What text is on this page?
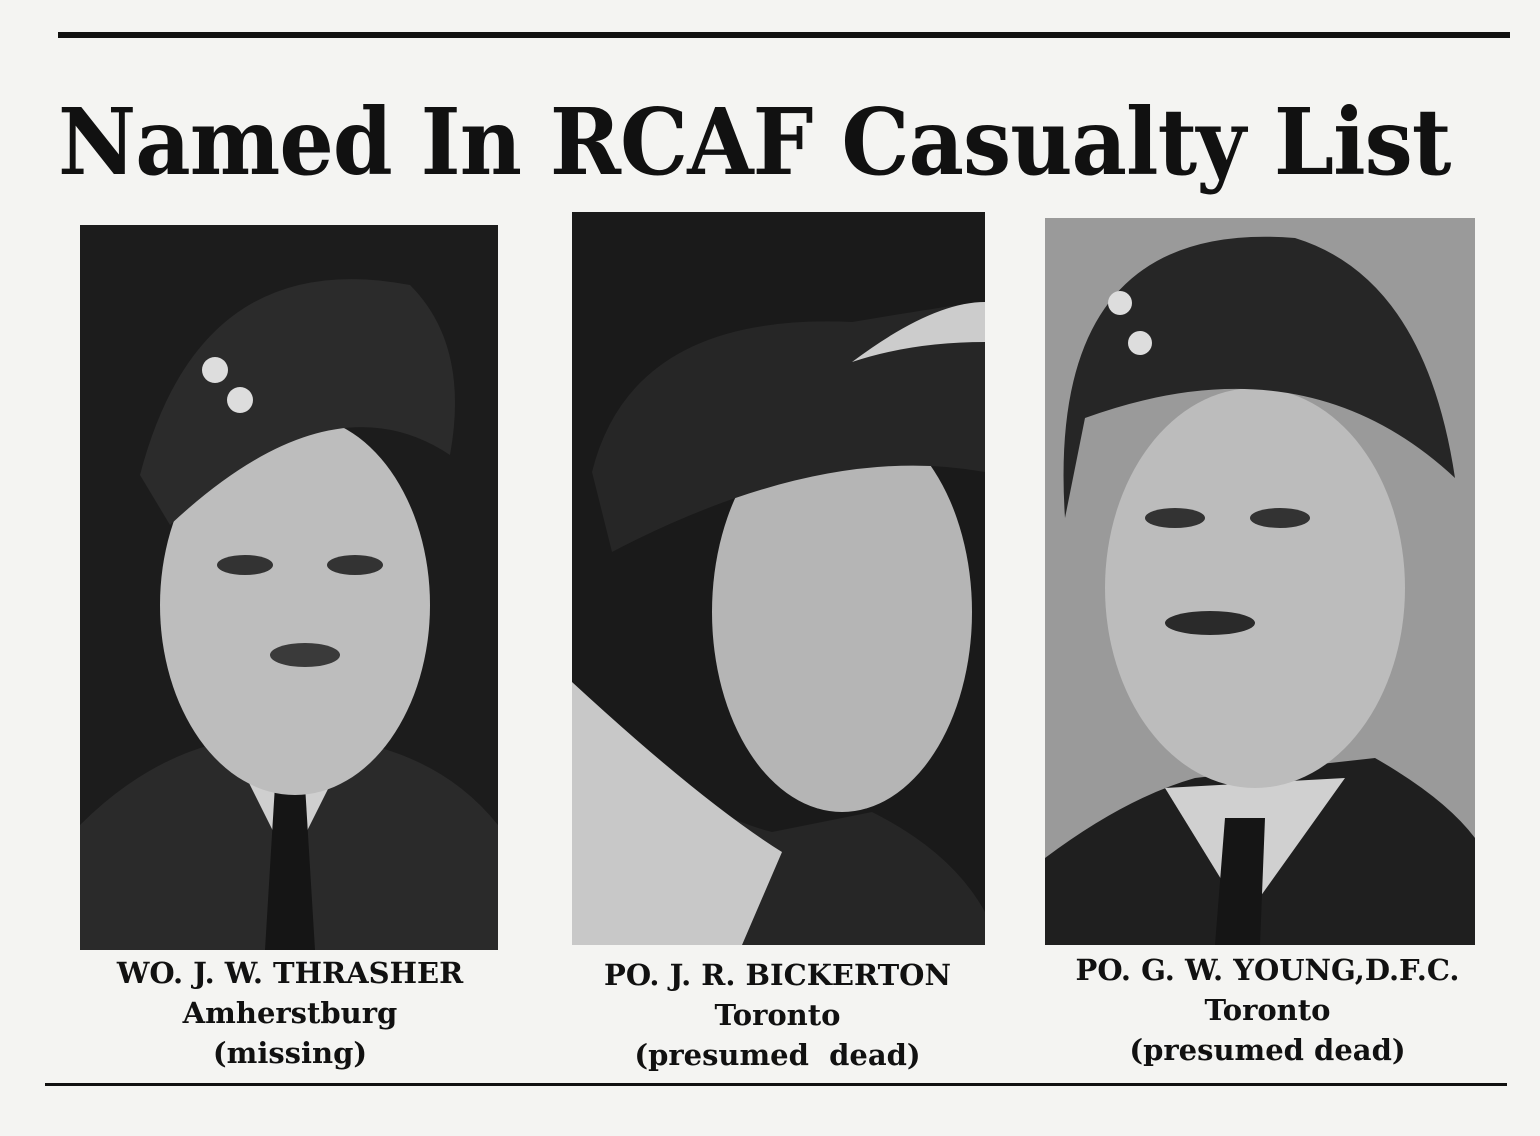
Named In RCAF Casualty List
WO. J. W. THRASHER
Amherstburg
(missing)
PO. J. R. BICKERTON
Toronto
(presumed  dead)
PO. G. W. YOUNG,D.F.C.
Toronto
(presumed dead)
